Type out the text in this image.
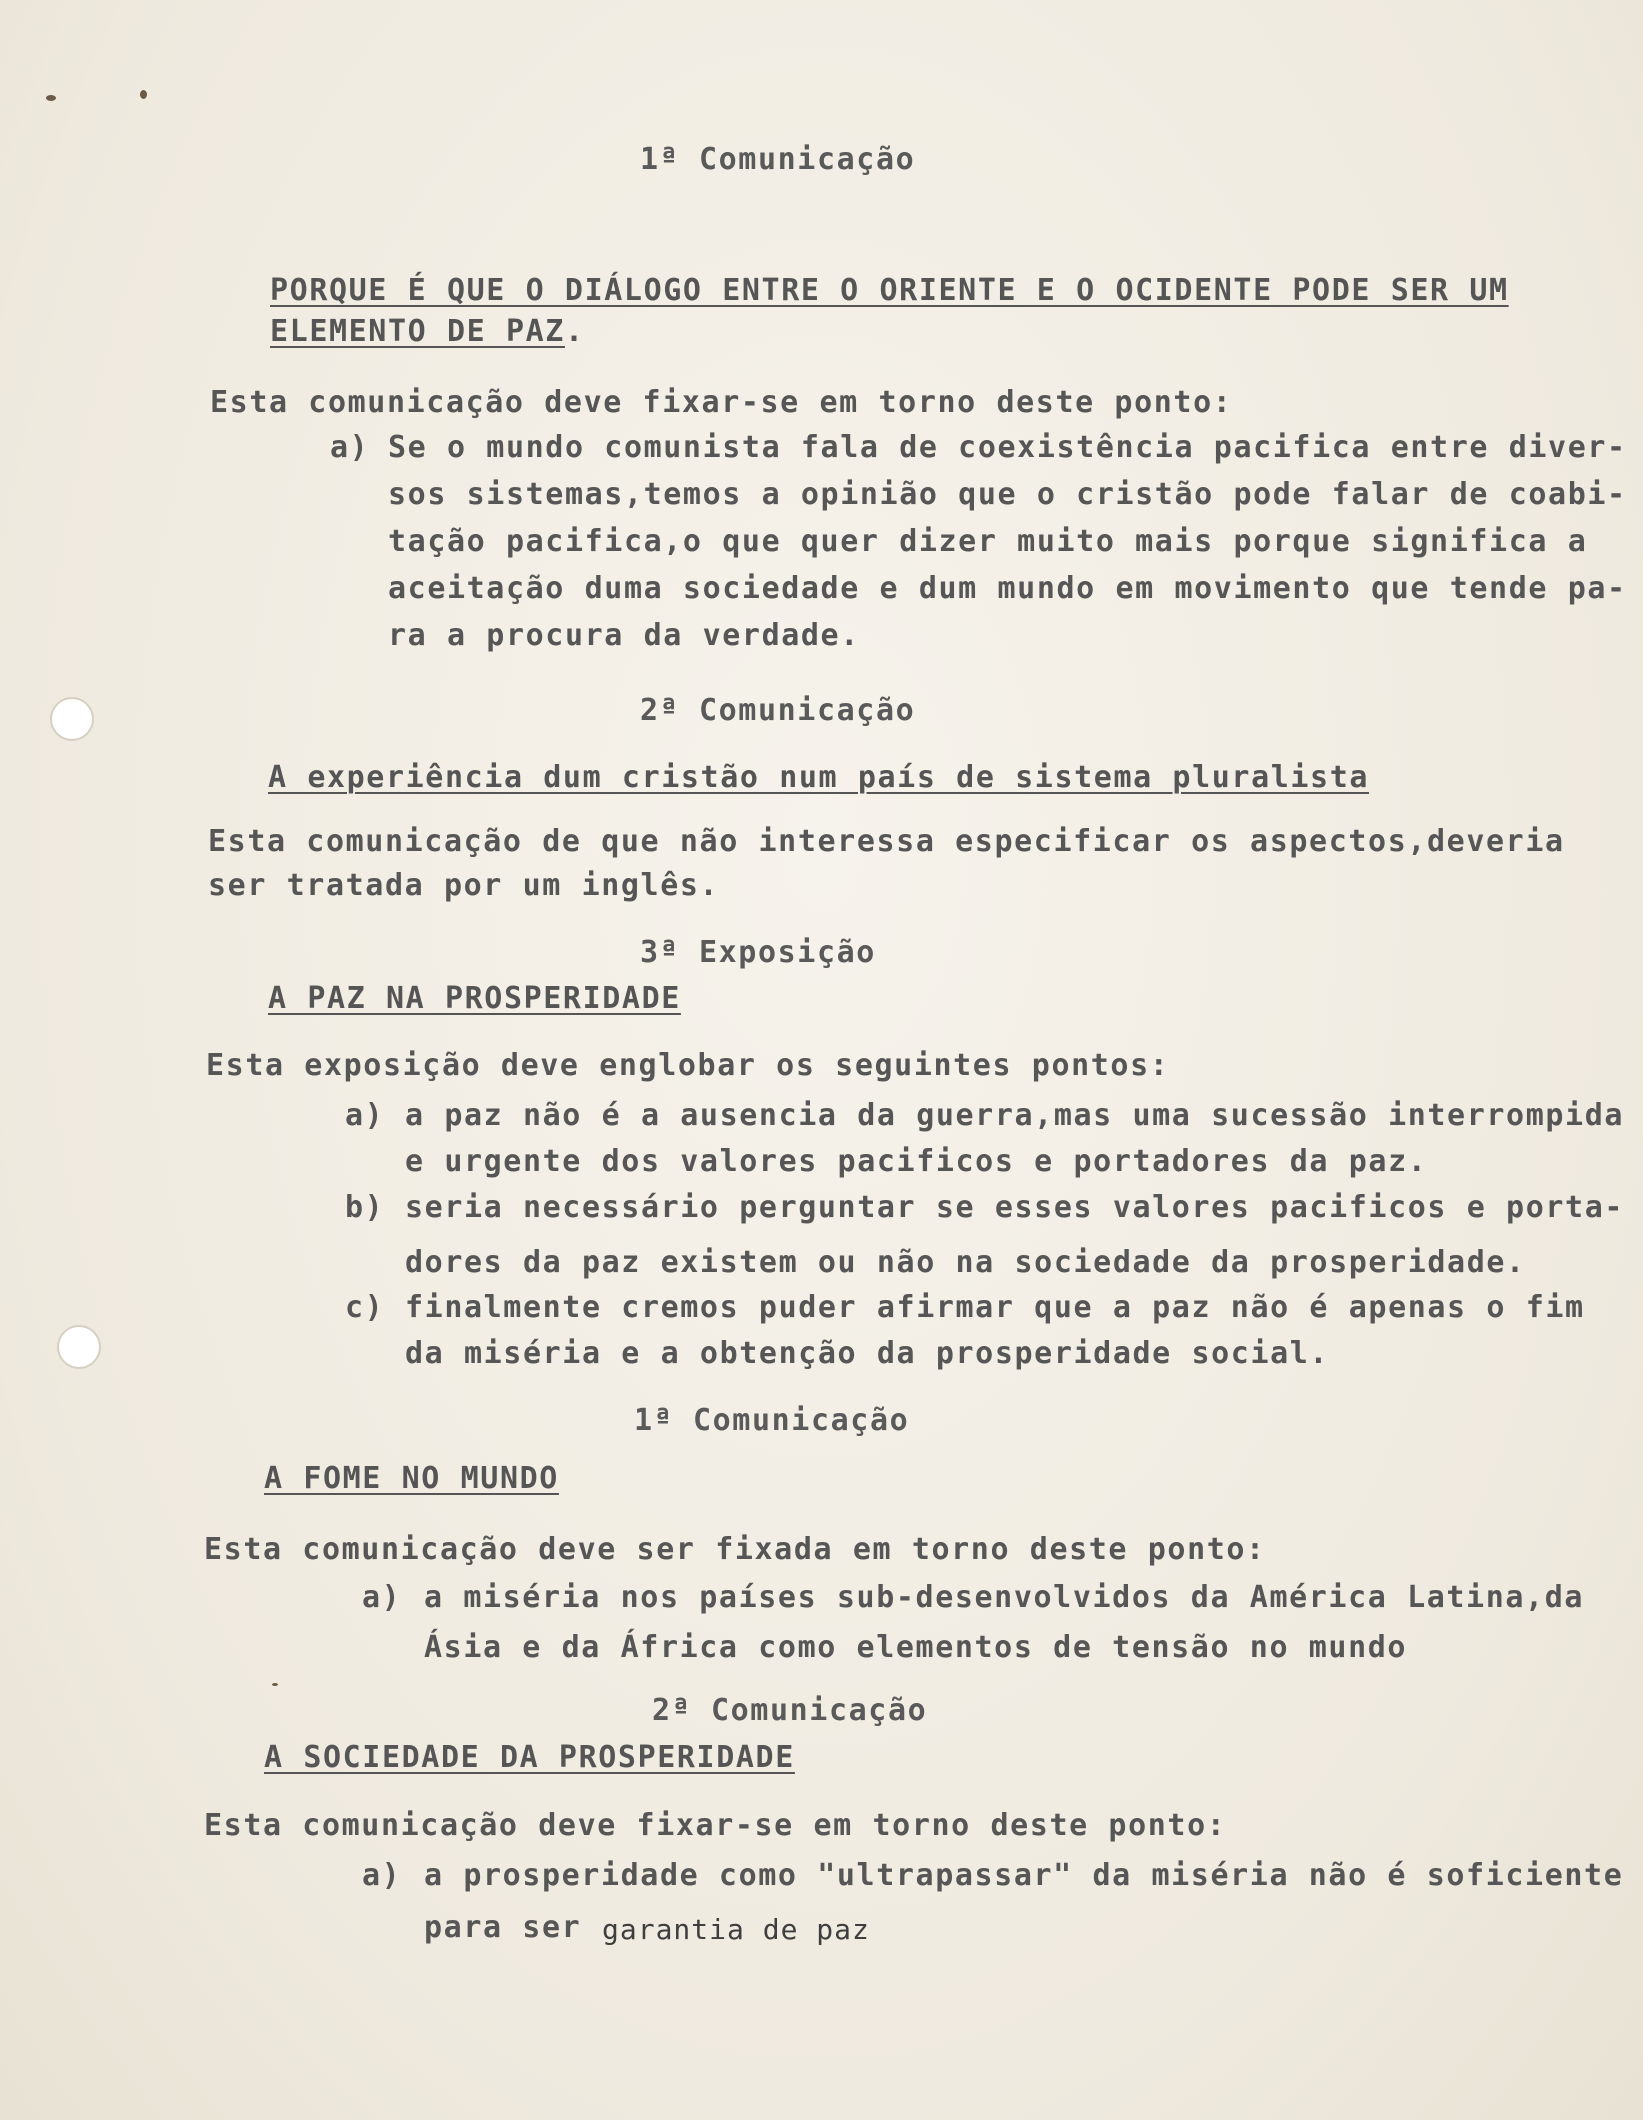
1ª Comunicação
PORQUE É QUE O DIÁLOGO ENTRE O ORIENTE E O OCIDENTE PODE SER UM
ELEMENTO DE PAZ.
Esta comunicação deve fixar-se em torno deste ponto:
a) Se o mundo comunista fala de coexistência pacifica entre diver-
sos sistemas,temos a opinião que o cristão pode falar de coabi-
tação pacifica,o que quer dizer muito mais porque significa a
aceitação duma sociedade e dum mundo em movimento que tende pa-
ra a procura da verdade.
2ª Comunicação
A experiência dum cristão num país de sistema pluralista
Esta comunicação de que não interessa especificar os aspectos,deveria
ser tratada por um inglês.
3ª Exposição
A PAZ NA PROSPERIDADE
Esta exposição deve englobar os seguintes pontos:
a) a paz não é a ausencia da guerra,mas uma sucessão interrompida
e urgente dos valores pacificos e portadores da paz.
b) seria necessário perguntar se esses valores pacificos e porta-
dores da paz existem ou não na sociedade da prosperidade.
c) finalmente cremos puder afirmar que a paz não é apenas o fim
da miséria e a obtenção da prosperidade social.
1ª Comunicação
A FOME NO MUNDO
Esta comunicação deve ser fixada em torno deste ponto:
a) a miséria nos países sub-desenvolvidos da América Latina,da
Ásia e da África como elementos de tensão no mundo
2ª Comunicação
A SOCIEDADE DA PROSPERIDADE
Esta comunicação deve fixar-se em torno deste ponto:
a) a prosperidade como "ultrapassar" da miséria não é soficiente
para ser garantia de paz
